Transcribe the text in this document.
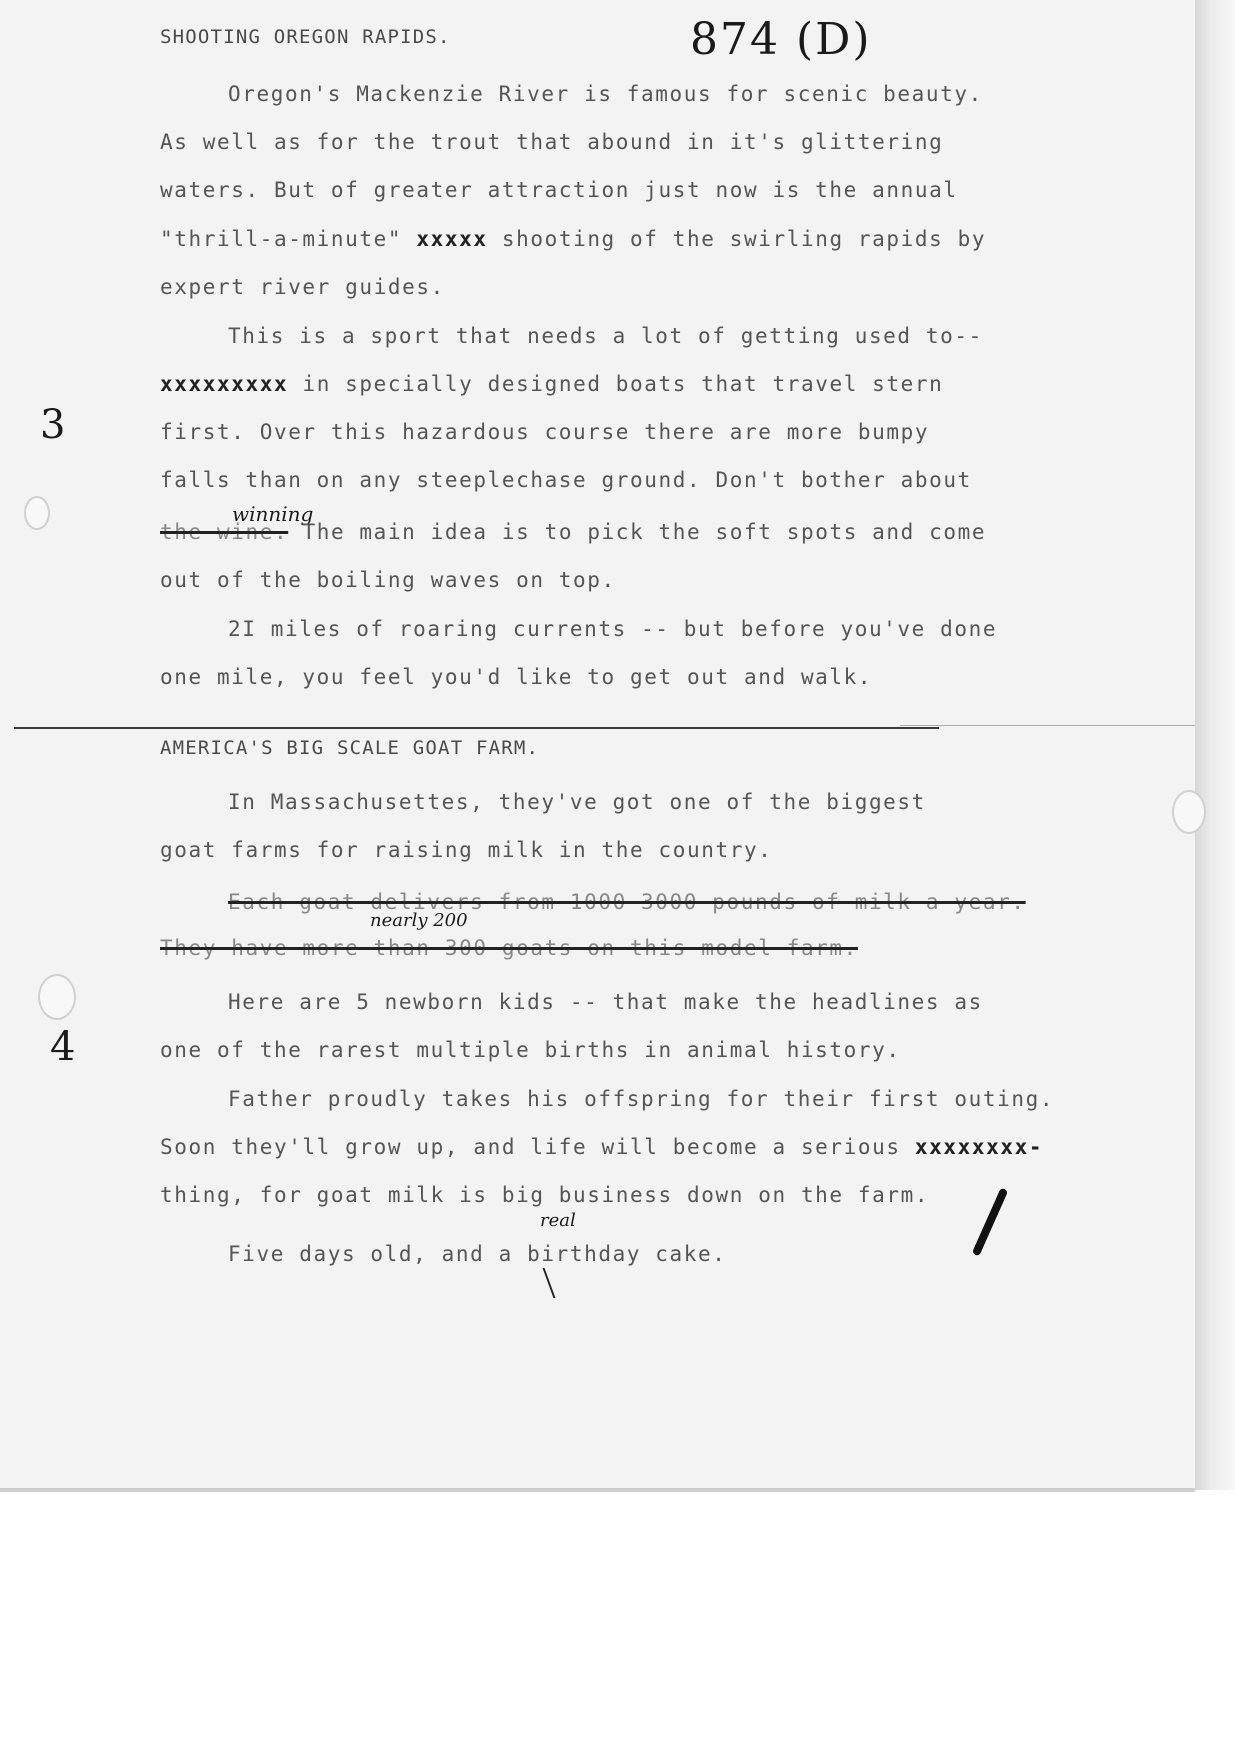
SHOOTING OREGON RAPIDS.	874 (D)
3
4
Oregon's Mackenzie River is famous for scenic beauty.
As well as for the trout that abound in it's glittering
waters. But of greater attraction just now is the annual
"thrill-a-minute" xxxxx shooting of the swirling rapids by
expert river guides.
This is a sport that needs a lot of getting used to--
xxxxxxxxx in specially designed boats that travel stern
first. Over this hazardous course there are more bumpy
falls than on any steeplechase ground. Don't bother about
winning
the wine. The main idea is to pick the soft spots and come
out of the boiling waves on top.
2I miles of roaring currents -- but before you've done
one mile, you feel you'd like to get out and walk.
AMERICA'S BIG SCALE GOAT FARM.
In Massachusettes, they've got one of the biggest
goat farms for raising milk in the country.
nearly 200
Each goat delivers from 1000-3000 pounds of milk a year.
They have more than 300 goats on this model farm.
Here are 5 newborn kids -- that make the headlines as
one of the rarest multiple births in animal history.
Father proudly takes his offspring for their first outing.
Soon they'll grow up, and life will become a serious xxxxxxxx-
thing, for goat milk is big business down on the farm.
real
Five days old, and a birthday cake.
